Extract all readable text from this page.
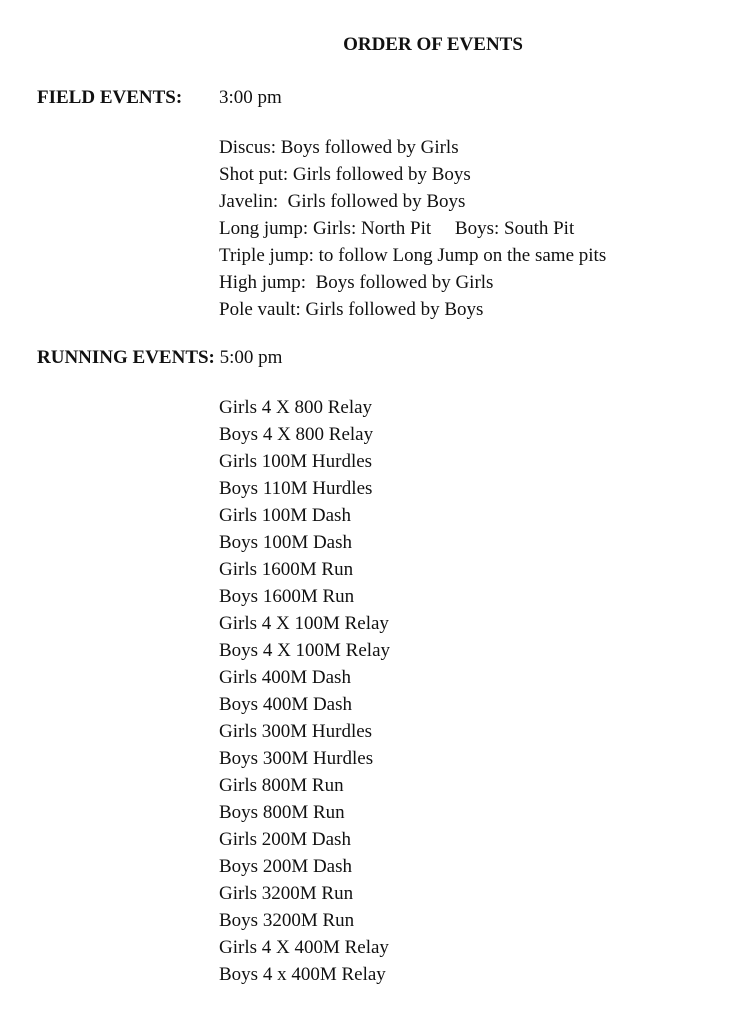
ORDER OF EVENTS
FIELD EVENTS: 3:00 pm
Discus: Boys followed by Girls
Shot put: Girls followed by Boys
Javelin:  Girls followed by Boys
Long jump: Girls: North Pit     Boys: South Pit
Triple jump: to follow Long Jump on the same pits
High jump:  Boys followed by Girls
Pole vault: Girls followed by Boys
RUNNING EVENTS: 5:00 pm
Girls 4 X 800 Relay
Boys 4 X 800 Relay
Girls 100M Hurdles
Boys 110M Hurdles
Girls 100M Dash
Boys 100M Dash
Girls 1600M Run
Boys 1600M Run
Girls 4 X 100M Relay
Boys 4 X 100M Relay
Girls 400M Dash
Boys 400M Dash
Girls 300M Hurdles
Boys 300M Hurdles
Girls 800M Run
Boys 800M Run
Girls 200M Dash
Boys 200M Dash
Girls 3200M Run
Boys 3200M Run
Girls 4 X 400M Relay
Boys 4 x 400M Relay
